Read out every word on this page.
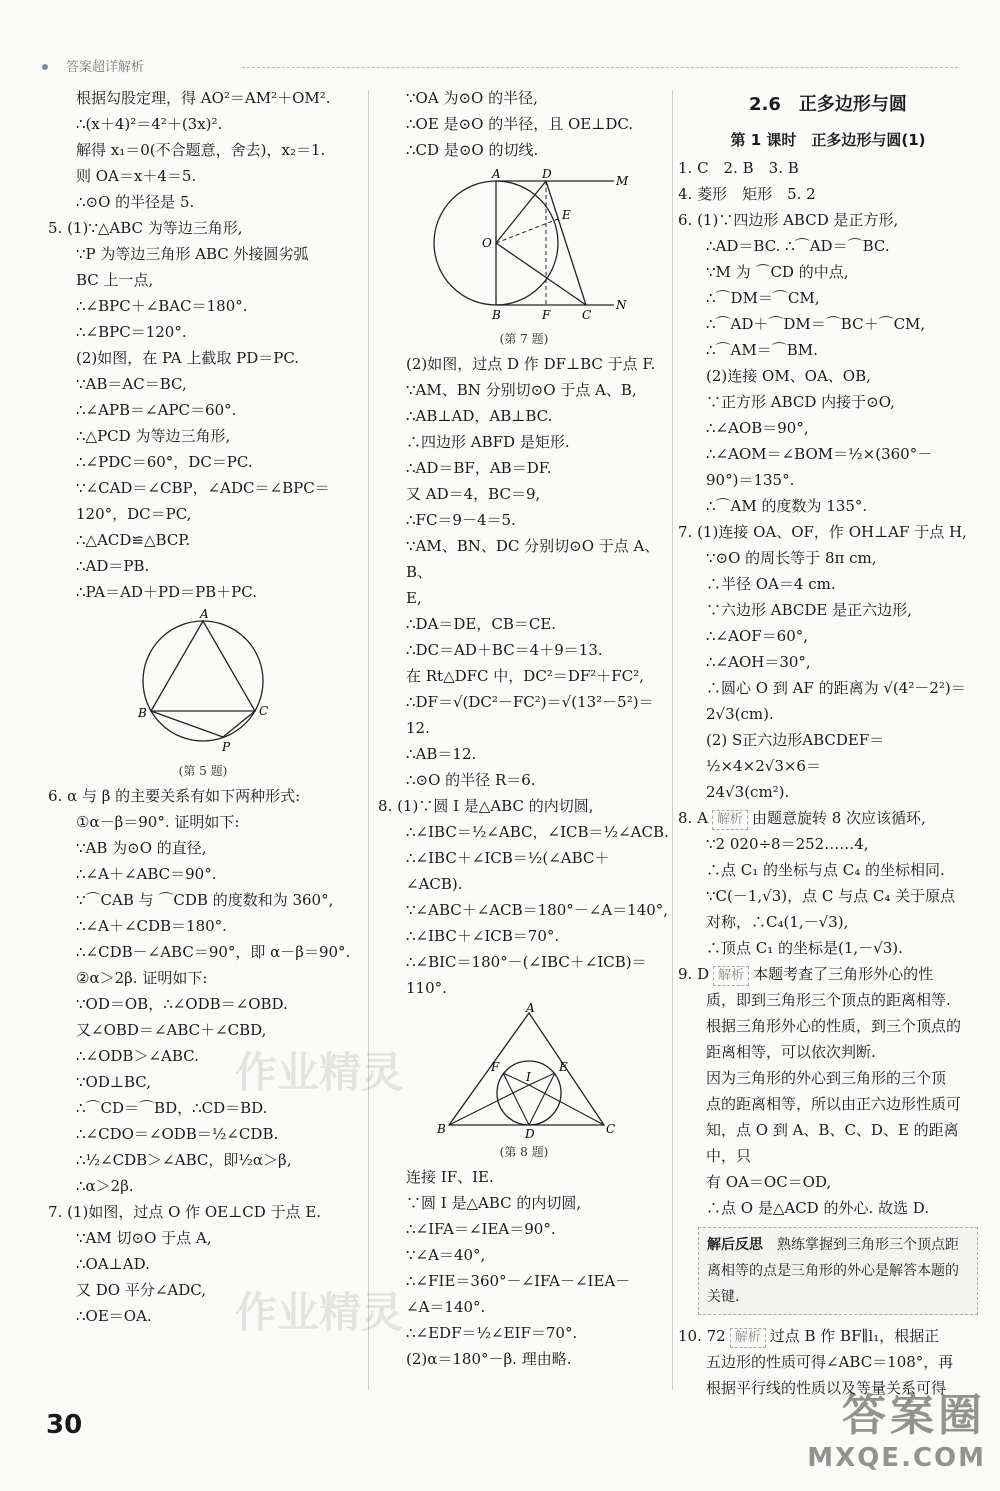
答案超详解析
根据勾股定理，得 AO²＝AM²＋OM².
∴(x＋4)²＝4²＋(3x)².
解得 x₁＝0(不合题意，舍去)，x₂＝1.
则 OA＝x＋4＝5.
∴⊙O 的半径是 5.
5. (1)∵△ABC 为等边三角形,
∵P 为等边三角形 ABC 外接圆劣弧
BC 上一点,
∴∠BPC＋∠BAC＝180°.
∴∠BPC＝120°.
(2)如图，在 PA 上截取 PD＝PC.
∵AB＝AC＝BC,
∴∠APB＝∠APC＝60°.
∴△PCD 为等边三角形,
∴∠PDC＝60°，DC＝PC.
∵∠CAD＝∠CBP，∠ADC＝∠BPC＝
120°，DC＝PC,
∴△ACD≌△BCP.
∴AD＝PB.
∴PA＝AD＋PD＝PB＋PC.
A
B	C
P
(第 5 题)
6. α 与 β 的主要关系有如下两种形式:
①α－β＝90°. 证明如下:
∵AB 为⊙O 的直径,
∴∠A＋∠ABC＝90°.
∵⌒CAB 与 ⌒CDB 的度数和为 360°,
∴∠A＋∠CDB＝180°.
∴∠CDB－∠ABC＝90°，即 α－β＝90°.
②α＞2β. 证明如下:
∵OD＝OB，∴∠ODB＝∠OBD.
又∠OBD＝∠ABC＋∠CBD,
∴∠ODB＞∠ABC.
∵OD⊥BC,
∴⌒CD＝⌒BD，∴CD＝BD.
∴∠CDO＝∠ODB＝½∠CDB.
∴½∠CDB＞∠ABC，即½α＞β,
∴α＞2β.
7. (1)如图，过点 O 作 OE⊥CD 于点 E.
∵AM 切⊙O 于点 A,
∴OA⊥AD.
又 DO 平分∠ADC,
∴OE＝OA.
∵OA 为⊙O 的半径,
∴OE 是⊙O 的半径，且 OE⊥DC.
∴CD 是⊙O 的切线.
A	D	M
E
O
B	F	C
N
(第 7 题)
(2)如图，过点 D 作 DF⊥BC 于点 F.
∵AM、BN 分别切⊙O 于点 A、B,
∴AB⊥AD，AB⊥BC.
∴四边形 ABFD 是矩形.
∴AD＝BF，AB＝DF.
又 AD＝4，BC＝9,
∴FC＝9－4＝5.
∵AM、BN、DC 分别切⊙O 于点 A、B、
E,
∴DA＝DE，CB＝CE.
∴DC＝AD＋BC＝4＋9＝13.
在 Rt△DFC 中，DC²＝DF²＋FC²,
∴DF＝√(DC²－FC²)＝√(13²－5²)＝12.
∴AB＝12.
∴⊙O 的半径 R＝6.
8. (1)∵圆 I 是△ABC 的内切圆,
∴∠IBC＝½∠ABC，∠ICB＝½∠ACB.
∴∠IBC＋∠ICB＝½(∠ABC＋
∠ACB).
∵∠ABC＋∠ACB＝180°－∠A＝140°,
∴∠IBC＋∠ICB＝70°.
∴∠BIC＝180°－(∠IBC＋∠ICB)＝
110°.
A
F	E
I
B	D	C
(第 8 题)
连接 IF、IE.
∵圆 I 是△ABC 的内切圆,
∴∠IFA＝∠IEA＝90°.
∵∠A＝40°,
∴∠FIE＝360°－∠IFA－∠IEA－
∠A＝140°.
∴∠EDF＝½∠EIF＝70°.
(2)α＝180°－β. 理由略.
2.6　正多边形与圆
第 1 课时　正多边形与圆(1)
1. C　2. B　3. B
4. 菱形　矩形　5. 2
6. (1)∵四边形 ABCD 是正方形,
∴AD＝BC. ∴⌒AD＝⌒BC.
∵M 为 ⌒CD 的中点,
∴⌒DM＝⌒CM,
∴⌒AD＋⌒DM＝⌒BC＋⌒CM,
∴⌒AM＝⌒BM.
(2)连接 OM、OA、OB,
∵正方形 ABCD 内接于⊙O,
∴∠AOB＝90°,
∴∠AOM＝∠BOM＝½×(360°－
90°)＝135°.
∴⌒AM 的度数为 135°.
7. (1)连接 OA、OF，作 OH⊥AF 于点 H,
∵⊙O 的周长等于 8π cm,
∴半径 OA＝4 cm.
∵六边形 ABCDE 是正六边形,
∴∠AOF＝60°,
∴∠AOH＝30°,
∴圆心 O 到 AF 的距离为 √(4²－2²)＝
2√3(cm).
(2) S正六边形ABCDEF＝½×4×2√3×6＝
24√3(cm²).
8. A 解析 由题意旋转 8 次应该循环,
∵2 020÷8＝252……4,
∴点 C₁ 的坐标与点 C₄ 的坐标相同.
∵C(－1,√3)，点 C 与点 C₄ 关于原点
对称，∴C₄(1,－√3),
∴顶点 C₁ 的坐标是(1,－√3).
9. D 解析 本题考查了三角形外心的性
质，即到三角形三个顶点的距离相等.
根据三角形外心的性质，到三个顶点的
距离相等，可以依次判断.
因为三角形的外心到三角形的三个顶
点的距离相等，所以由正六边形性质可
知，点 O 到 A、B、C、D、E 的距离中，只
有 OA＝OC＝OD,
∴点 O 是△ACD 的外心. 故选 D.
解后反思　 熟练掌握到三角形三个顶点距离相等的点是三角形的外心是解答本题的关键.
10. 72 解析 过点 B 作 BF∥l₁，根据正
五边形的性质可得∠ABC＝108°，再
根据平行线的性质以及等量关系可得
作业精灵
作业精灵
30	答案圈
MXQE.COM
